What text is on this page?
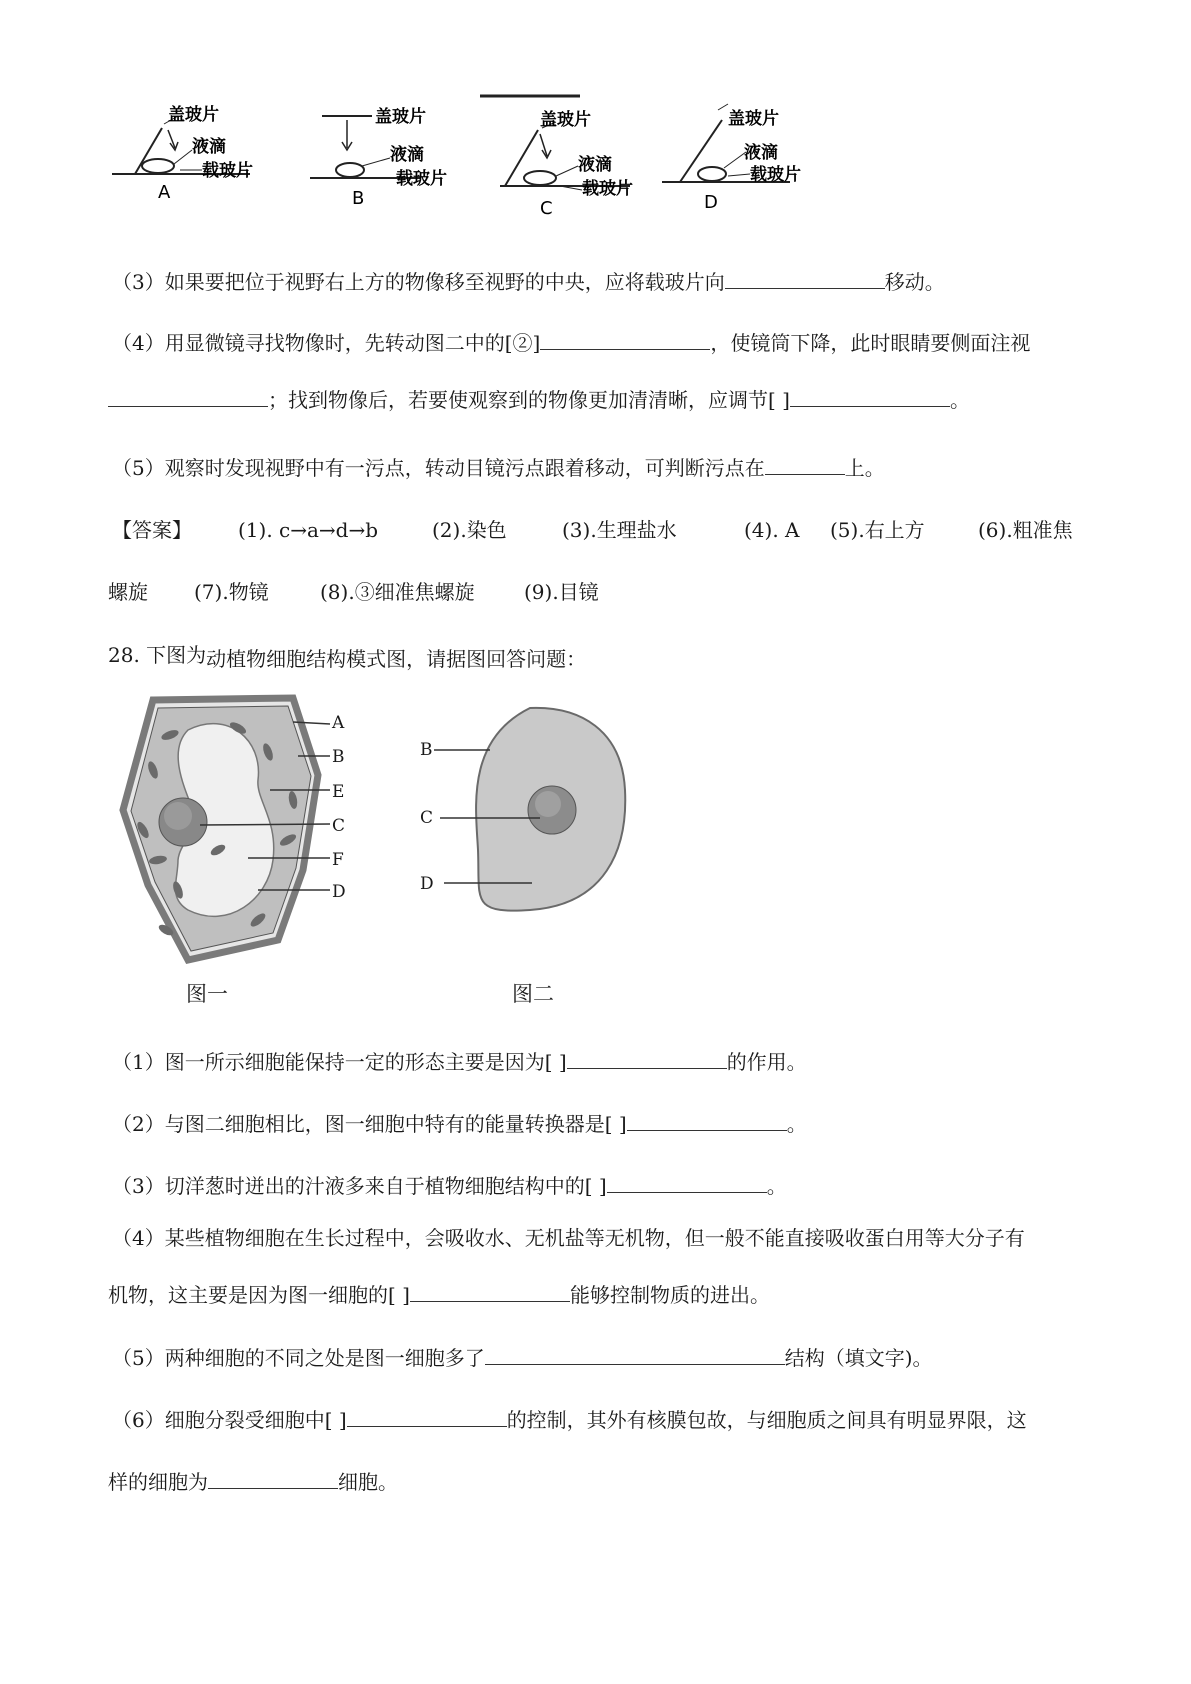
盖玻片
液滴
载玻片
A
盖玻片
液滴
载玻片
B
盖玻片
液滴
载玻片
C
盖玻片
液滴
载玻片
D
（3）如果要把位于视野右上方的物像移至视野的中央，应将载玻片向	移动。
（4）用显微镜寻找物像时，先转动图二中的[②]	，使镜筒下降，此时眼睛要侧面注视
；找到物像后，若要使观察到的物像更加清清晰，应调节[ ]	。
（5）观察时发现视野中有一污点，转动目镜污点跟着移动，可判断污点在	上。
【答案】 (1). c→a→d→b	(2).染色	(3).生理盐水	(4). A (5).右上方	(6).粗准焦
螺旋 (7).物镜	(8).③细准焦螺旋 (9).目镜
28. 下图为动植物细胞结构模式图，请据图回答问题：
A
B
E
C
F
D
B
C
D
图一	图二
（1）图一所示细胞能保持一定的形态主要是因为[ ]	的作用。
（2）与图二细胞相比，图一细胞中特有的能量转换器是[ ]	。
（3）切洋葱时迸出的汁液多来自于植物细胞结构中的[ ]	。
（4）某些植物细胞在生长过程中，会吸收水、无机盐等无机物，但一般不能直接吸收蛋白用等大分子有
机物，这主要是因为图一细胞的[ ]	能够控制物质的进出。
（5）两种细胞的不同之处是图一细胞多了	结构（填文字)。
（6）细胞分裂受细胞中[ ]	的控制，其外有核膜包故，与细胞质之间具有明显界限，这
样的细胞为	细胞。
